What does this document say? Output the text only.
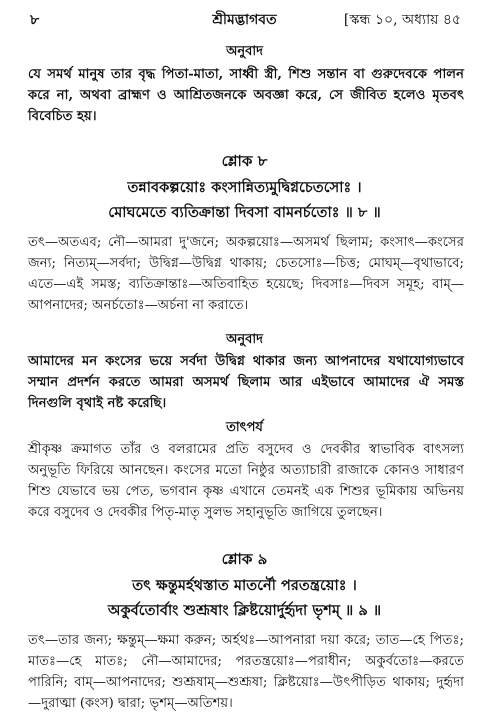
৮	শ্রীমদ্ভাগবত	[স্কন্ধ ১০, অধ্যায় ৪৫
অনুবাদ
যে সমর্থ মানুষ তার বৃদ্ধ পিতা-মাতা, সাধ্বী স্ত্রী, শিশু সন্তান বা গুরুদেবকে পালন করে না, অথবা ব্রাহ্মণ ও আশ্রিতজনকে অবজ্ঞা করে, সে জীবিত হলেও মৃতবৎ বিবেচিত হয়।
শ্লোক ৮
তন্নাবকল্পয়োঃ কংসান্নিত্যমুদ্বিগ্নচেতসোঃ ।
মোঘমেতে ব্যতিক্রান্তা দিবসা বামনর্চতোঃ ॥ ৮ ॥
তৎ—অতএব; নৌ—আমরা দু'জনে; অকল্পয়োঃ—অসমর্থ ছিলাম; কংসাৎ—কংসের জন্য; নিত্যম্—সর্বদা; উদ্বিগ্ন—উদ্বিগ্ন থাকায়; চেতসোঃ—চিত্ত; মোঘম্—বৃথাভাবে; এতে—এই সমস্ত; ব্যতিক্রান্তাঃ—অতিবাহিত হয়েছে; দিবসাঃ—দিবস সমূহ; বাম্—আপনাদের; অনর্চতোঃ—অর্চনা না করাতে।
অনুবাদ
আমাদের মন কংসের ভয়ে সর্বদা উদ্বিগ্ন থাকার জন্য আপনাদের যথাযোগ্যভাবে সম্মান প্রদর্শন করতে আমরা অসমর্থ ছিলাম আর এইভাবে আমাদের ঐ সমস্ত দিনগুলি বৃথাই নষ্ট করেছি।
তাৎপর্য
শ্রীকৃষ্ণ ক্রমাগত তাঁর ও বলরামের প্রতি বসুদেব ও দেবকীর স্বাভাবিক বাৎসল্য অনুভূতি ফিরিয়ে আনছেন। কংসের মতো নিষ্ঠুর অত্যাচারী রাজাকে কোনও সাধারণ শিশু যেভাবে ভয় পেত, ভগবান কৃষ্ণ এখানে তেমনই এক শিশুর ভূমিকায় অভিনয় করে বসুদেব ও দেবকীর পিতৃ-মাতৃ সুলভ সহানুভূতি জাগিয়ে তুলছেন।
শ্লোক ৯
তৎ ক্ষন্তুমর্হথস্তাত মাতর্নৌ পরতন্ত্রয়োঃ ।
অকুর্বতোর্বাং শুশ্রূষাং ক্লিষ্টয়োর্দুর্হৃদা ভৃশম্ ॥ ৯ ॥
তৎ—তার জন্য; ক্ষন্তুম্—ক্ষমা করুন; অর্হথঃ—আপনারা দয়া করে; তাত—হে পিতঃ; মাতঃ—হে মাতঃ; নৌ—আমাদের; পরতন্ত্রয়োঃ—পরাধীন; অকুর্বতোঃ—করতে পারিনি; বাম্—আপনাদের; শুশ্রূষাম্—শুশ্রূষা; ক্লিষ্টয়োঃ—উৎপীড়িত থাকায়; দুর্হৃদা—দুরাত্মা (কংস) দ্বারা; ভৃশম্—অতিশয়।
